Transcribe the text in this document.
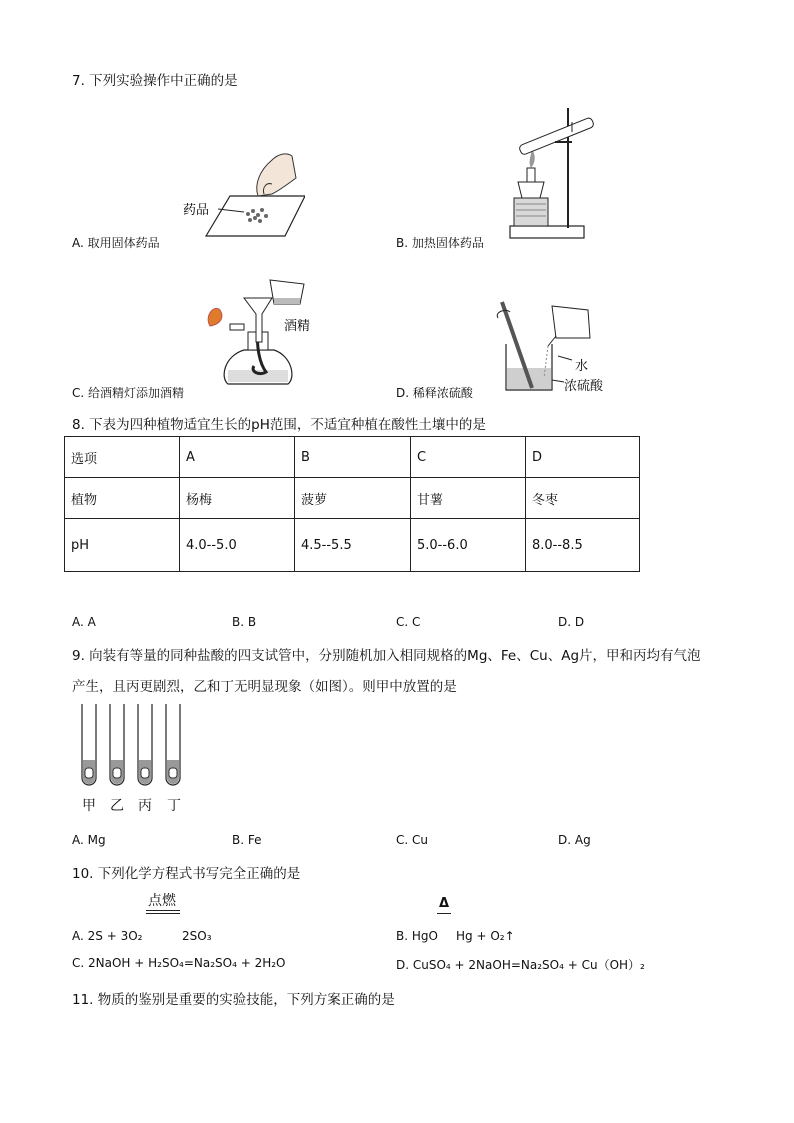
7. 下列实验操作中正确的是
药品
A. 取用固体药品	B. 加热固体药品
酒精
C. 给酒精灯添加酒精
水
浓硫酸
D. 稀释浓硫酸
8. 下表为四种植物适宜生长的pH范围，不适宜种植在酸性土壤中的是
选项	A	B	C	D
植物	杨梅	菠萝	甘薯	冬枣
pH	4.0--5.0	4.5--5.5	5.0--6.0	8.0--8.5
A. A	B. B	C. C	D. D
9. 向装有等量的同种盐酸的四支试管中，分别随机加入相同规格的Mg、Fe、Cu、Ag片，甲和丙均有气泡
产生，且丙更剧烈，乙和丁无明显现象（如图）。则甲中放置的是
甲 乙 丙 丁
A. Mg	B. Fe	C. Cu	D. Ag
10. 下列化学方程式书写完全正确的是
点燃	Δ
A. 2S + 3O₂	2SO₃	B. HgO Hg + O₂↑
C. 2NaOH + H₂SO₄=Na₂SO₄ + 2H₂O	D. CuSO₄ + 2NaOH=Na₂SO₄ + Cu（OH）₂
11. 物质的鉴别是重要的实验技能，下列方案正确的是
